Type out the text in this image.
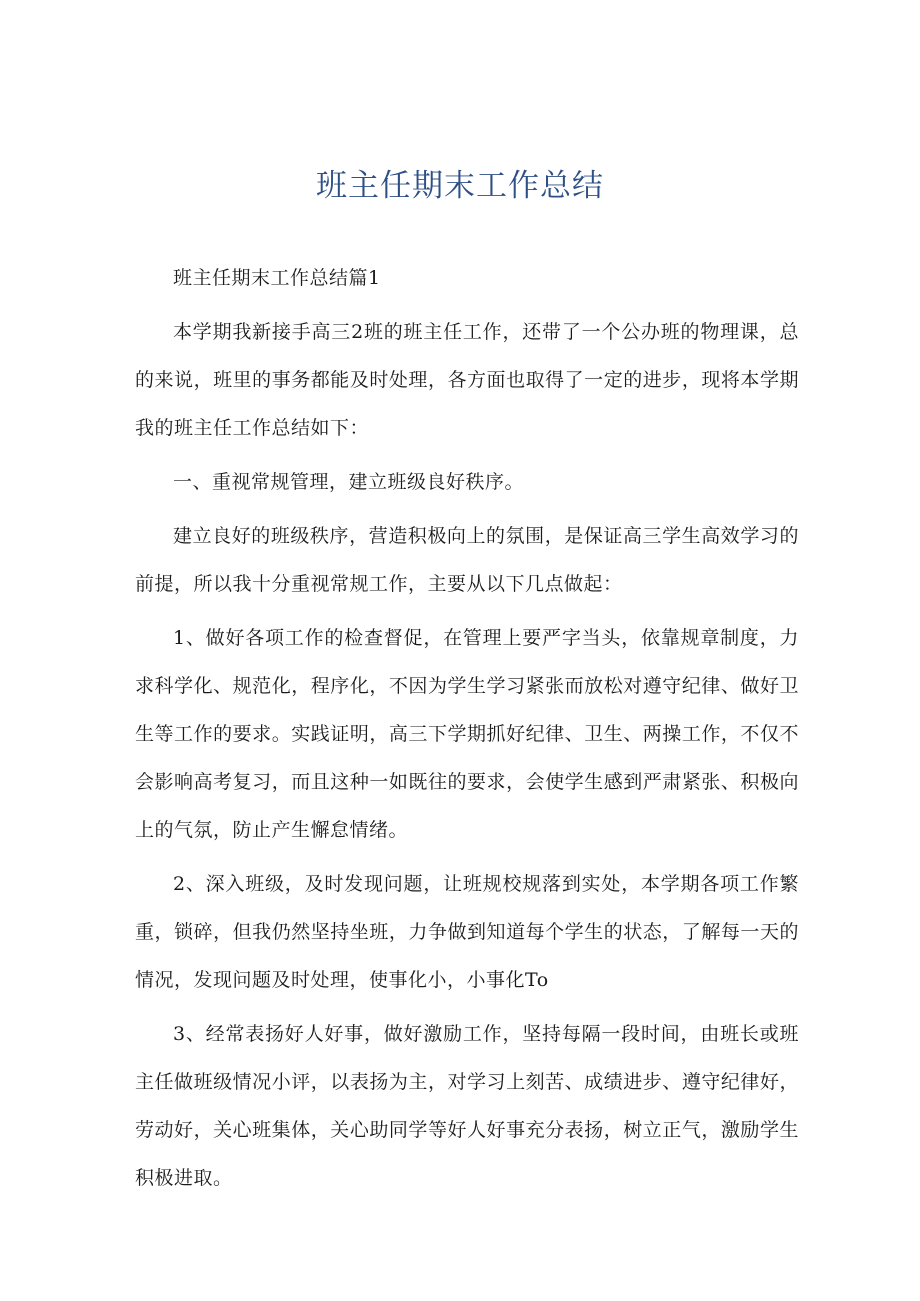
班主任期末工作总结

班主任期末工作总结篇1

本学期我新接手高三2班的班主任工作，还带了一个公办班的物理课，总的来说，班里的事务都能及时处理，各方面也取得了一定的进步，现将本学期我的班主任工作总结如下：

一、重视常规管理，建立班级良好秩序。

建立良好的班级秩序，营造积极向上的氛围，是保证高三学生高效学习的前提，所以我十分重视常规工作，主要从以下几点做起：

1、做好各项工作的检查督促，在管理上要严字当头，依靠规章制度，力求科学化、规范化，程序化，不因为学生学习紧张而放松对遵守纪律、做好卫生等工作的要求。实践证明，高三下学期抓好纪律、卫生、两操工作，不仅不会影响高考复习，而且这种一如既往的要求，会使学生感到严肃紧张、积极向上的气氛，防止产生懈怠情绪。

2、深入班级，及时发现问题，让班规校规落到实处，本学期各项工作繁重，锁碎，但我仍然坚持坐班，力争做到知道每个学生的状态，了解每一天的情况，发现问题及时处理，使事化小，小事化To

3、经常表扬好人好事，做好激励工作，坚持每隔一段时间，由班长或班主任做班级情况小评，以表扬为主，对学习上刻苦、成绩进步、遵守纪律好，劳动好，关心班集体，关心助同学等好人好事充分表扬，树立正气，激励学生积极进取。
